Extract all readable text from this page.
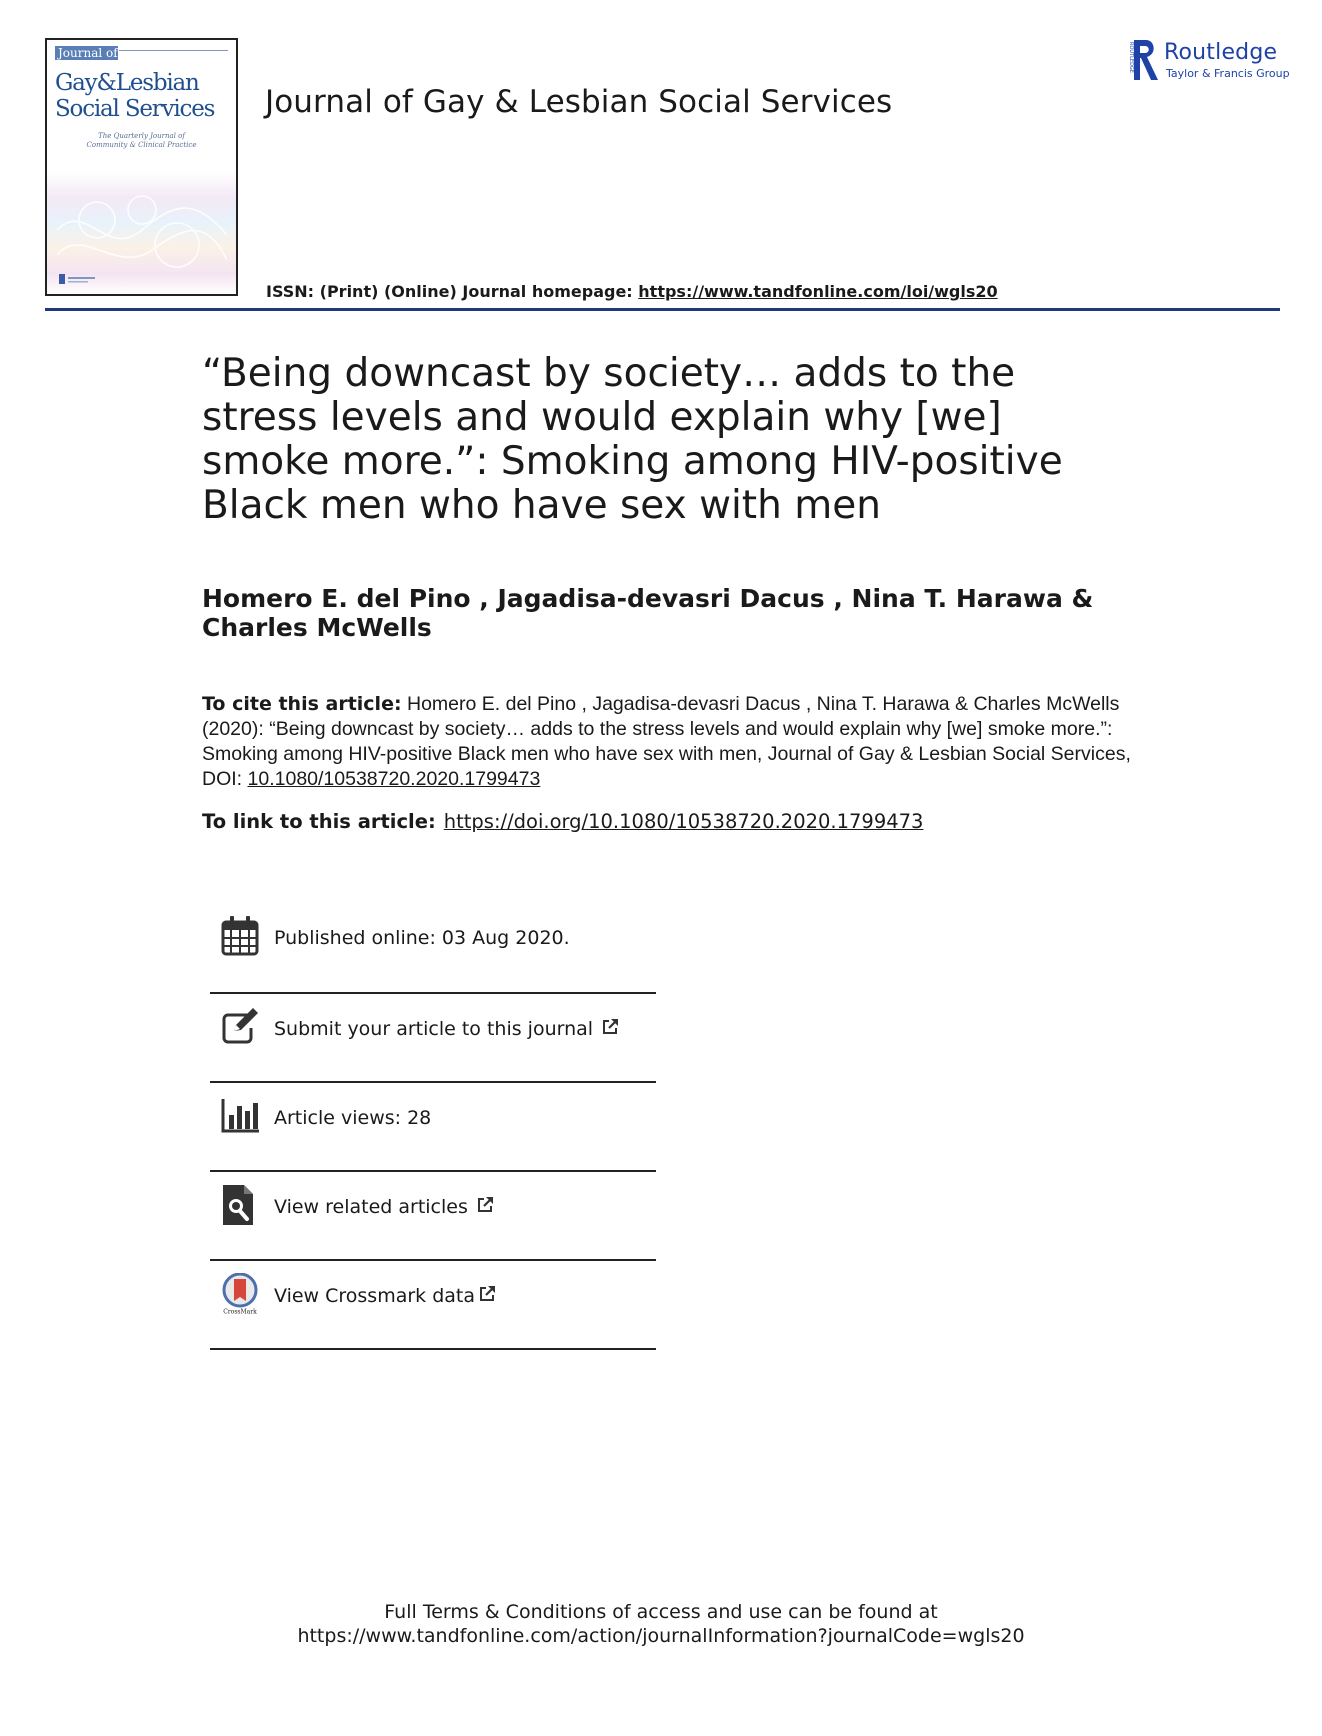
Journal of
Gay&Lesbian
Social Services
The Quarterly Journal of
Community & Clinical Practice
Journal of Gay & Lesbian Social Services
ISSN: (Print) (Online) Journal homepage: https://www.tandfonline.com/loi/wgls20
ROUTLEDGE Routledge
Taylor & Francis Group
“Being downcast by society… adds to the stress levels and would explain why [we] smoke more.”: Smoking among HIV-positive Black men who have sex with men
Homero E. del Pino , Jagadisa-devasri Dacus , Nina T. Harawa & Charles McWells
To cite this article: Homero E. del Pino , Jagadisa-devasri Dacus , Nina T. Harawa & Charles McWells (2020): “Being downcast by society… adds to the stress levels and would explain why [we] smoke more.”: Smoking among HIV-positive Black men who have sex with men, Journal of Gay & Lesbian Social Services, DOI: 10.1080/10538720.2020.1799473
To link to this article: https://doi.org/10.1080/10538720.2020.1799473
Published online: 03 Aug 2020.
Submit your article to this journal
Article views: 28
View related articles
CrossMark
View Crossmark data
Full Terms & Conditions of access and use can be found at
https://www.tandfonline.com/action/journalInformation?journalCode=wgls20
